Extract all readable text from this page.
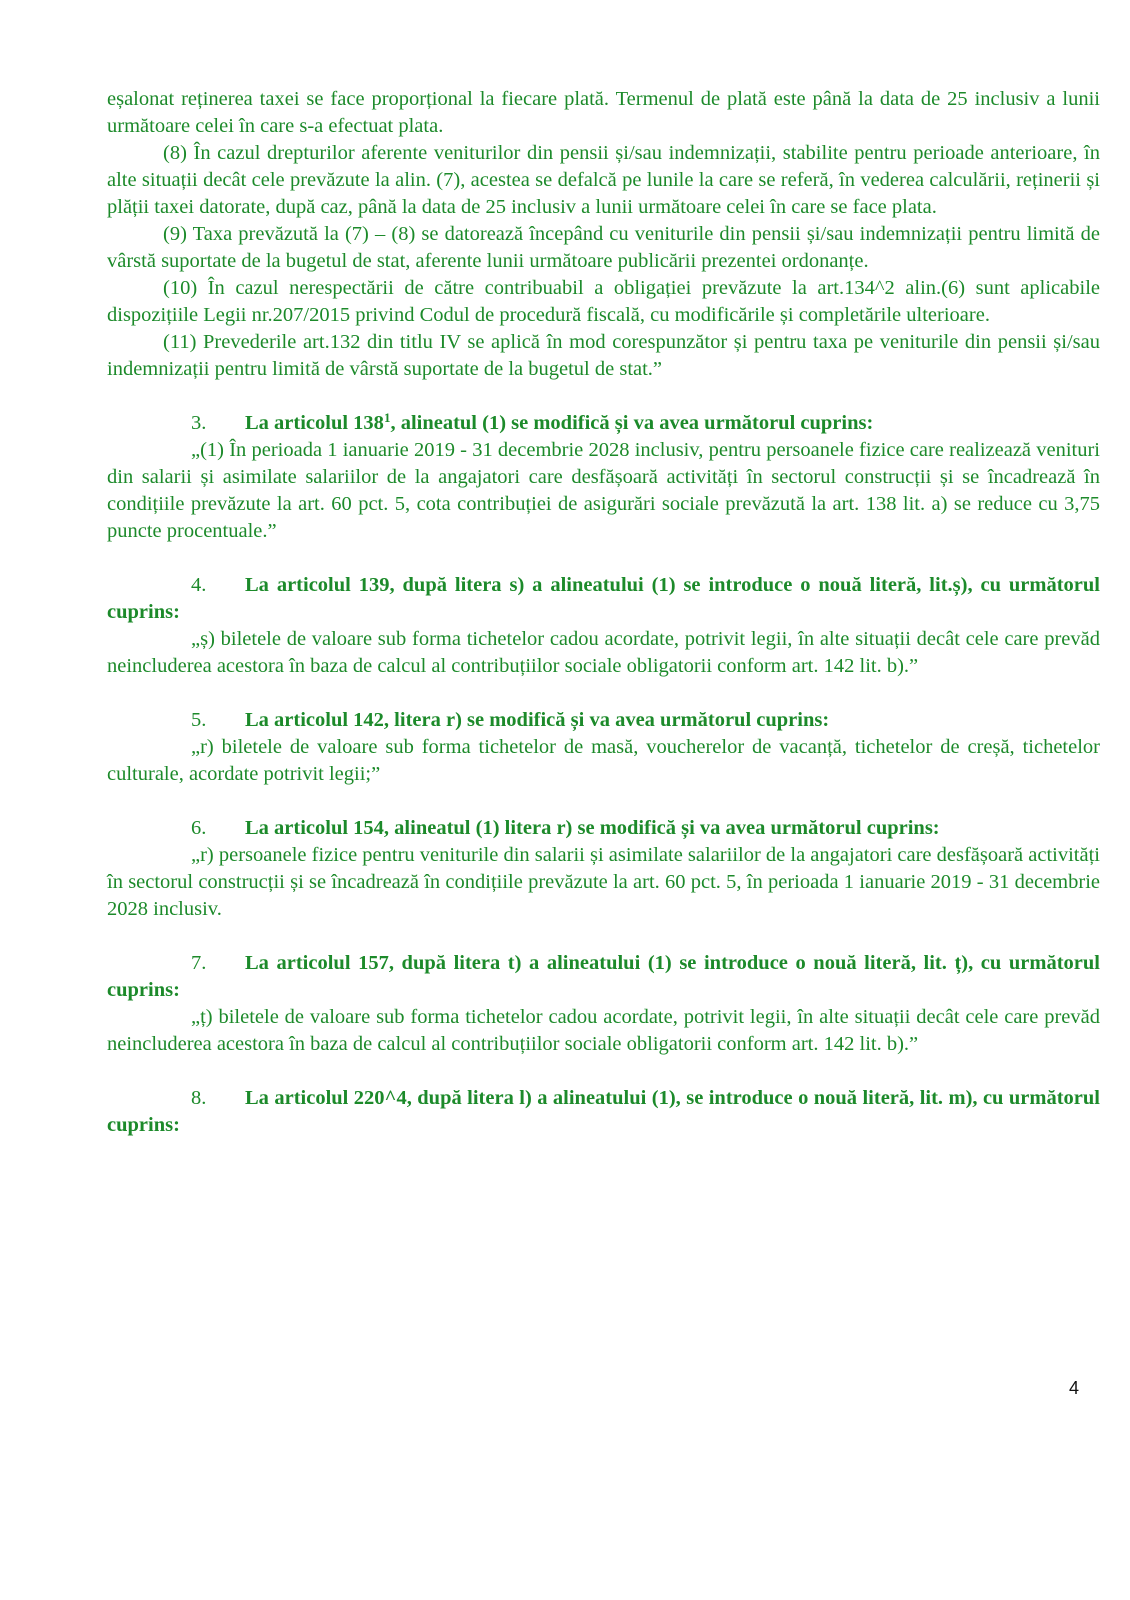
eșalonat reținerea taxei se face proporțional la fiecare plată. Termenul de plată este până la data de 25 inclusiv a lunii următoare celei în care s-a efectuat plata.

(8) În cazul drepturilor aferente veniturilor din pensii și/sau indemnizații, stabilite pentru perioade anterioare, în alte situații decât cele prevăzute la alin. (7), acestea se defalcă pe lunile la care se referă, în vederea calculării, reținerii și plății taxei datorate, după caz, până la data de 25 inclusiv a lunii următoare celei în care se face plata.

(9) Taxa prevăzută la (7) – (8) se datorează începând cu veniturile din pensii și/sau indemnizații pentru limită de vârstă suportate de la bugetul de stat, aferente lunii următoare publicării prezentei ordonanțe.

(10) În cazul nerespectării de către contribuabil a obligației prevăzute la art.134^2 alin.(6) sunt aplicabile dispozițiile Legii nr.207/2015 privind Codul de procedură fiscală, cu modificările și completările ulterioare.

(11) Prevederile art.132 din titlu IV se aplică în mod corespunzător și pentru taxa pe veniturile din pensii și/sau indemnizații pentru limită de vârstă suportate de la bugetul de stat.”

3. La articolul $138^1$, alineatul (1) se modifică și va avea următorul cuprins:

„(1) În perioada 1 ianuarie 2019 - 31 decembrie 2028 inclusiv, pentru persoanele fizice care realizează venituri din salarii și asimilate salariilor de la angajatori care desfășoară activități în sectorul construcții și se încadrează în condițiile prevăzute la art. 60 pct. 5, cota contribuției de asigurări sociale prevăzută la art. 138 lit. a) se reduce cu 3,75 puncte procentuale.”

4. La articolul 139, după litera s) a alineatului (1) se introduce o nouă literă, lit.ș), cu următorul cuprins:

„ș) biletele de valoare sub forma tichetelor cadou acordate, potrivit legii, în alte situații decât cele care prevăd neincluderea acestora în baza de calcul al contribuțiilor sociale obligatorii conform art. 142 lit. b).”

5. La articolul 142, litera r) se modifică și va avea următorul cuprins:

„r) biletele de valoare sub forma tichetelor de masă, voucherelor de vacanță, tichetelor de creșă, tichetelor culturale, acordate potrivit legii;”

6. La articolul 154, alineatul (1) litera r) se modifică și va avea următorul cuprins:

„r) persoanele fizice pentru veniturile din salarii și asimilate salariilor de la angajatori care desfășoară activități în sectorul construcții și se încadrează în condițiile prevăzute la art. 60 pct. 5, în perioada 1 ianuarie 2019 - 31 decembrie 2028 inclusiv.

7. La articolul 157, după litera t) a alineatului (1) se introduce o nouă literă, lit. ț), cu următorul cuprins:

„ț) biletele de valoare sub forma tichetelor cadou acordate, potrivit legii, în alte situații decât cele care prevăd neincluderea acestora în baza de calcul al contribuțiilor sociale obligatorii conform art. 142 lit. b).”

8. La articolul 220^4, după litera l) a alineatului (1), se introduce o nouă literă, lit. m), cu următorul cuprins:

4
